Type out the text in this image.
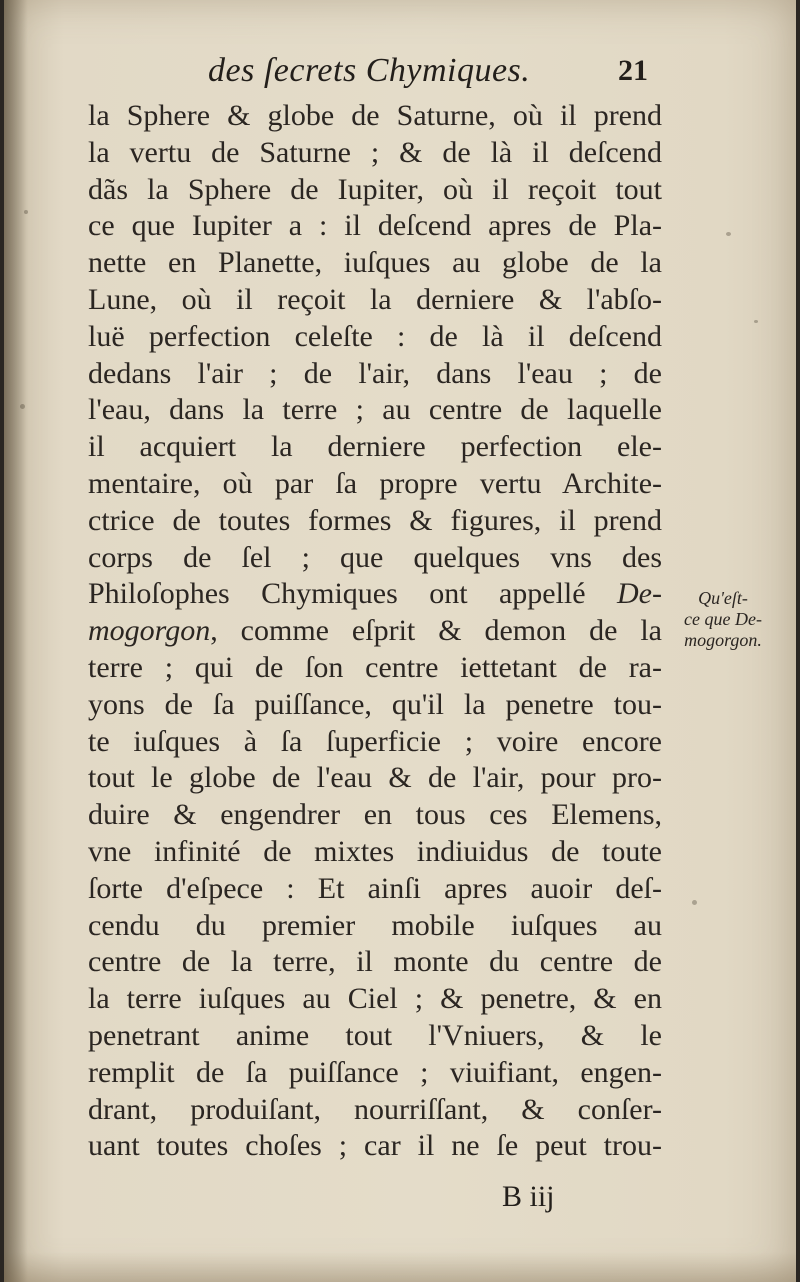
des ſecrets Chymiques.	21
la Sphere & globe de Saturne, où il prend
la vertu de Saturne ; & de là il deſcend
dãs la Sphere de Iupiter, où il reçoit tout
ce que Iupiter a : il deſcend apres de Pla-
nette en Planette, iuſques au globe de la
Lune, où il reçoit la derniere & l'abſo-
luë perfection celeſte : de là il deſcend
dedans l'air ; de l'air, dans l'eau ; de
l'eau, dans la terre ; au centre de laquelle
il acquiert la derniere perfection ele-
mentaire, où par ſa propre vertu Archite-
ctrice de toutes formes & figures, il prend
corps de ſel ; que quelques vns des
Philoſophes Chymiques ont appellé De-
mogorgon, comme eſprit & demon de la
terre ; qui de ſon centre iettetant de ra-
yons de ſa puiſſance, qu'il la penetre tou-
te iuſques à ſa ſuperficie ; voire encore
tout le globe de l'eau & de l'air, pour pro-
duire & engendrer en tous ces Elemens,
vne infinité de mixtes indiuidus de toute
ſorte d'eſpece : Et ainſi apres auoir deſ-
cendu du premier mobile iuſques au
centre de la terre, il monte du centre de
la terre iuſques au Ciel ; & penetre, & en
penetrant anime tout l'Vniuers, & le
remplit de ſa puiſſance ; viuifiant, engen-
drant, produiſant, nourriſſant, & conſer-
uant toutes choſes ; car il ne ſe peut trou-
Qu'eſt-
ce que De-
mogorgon.
B iij
